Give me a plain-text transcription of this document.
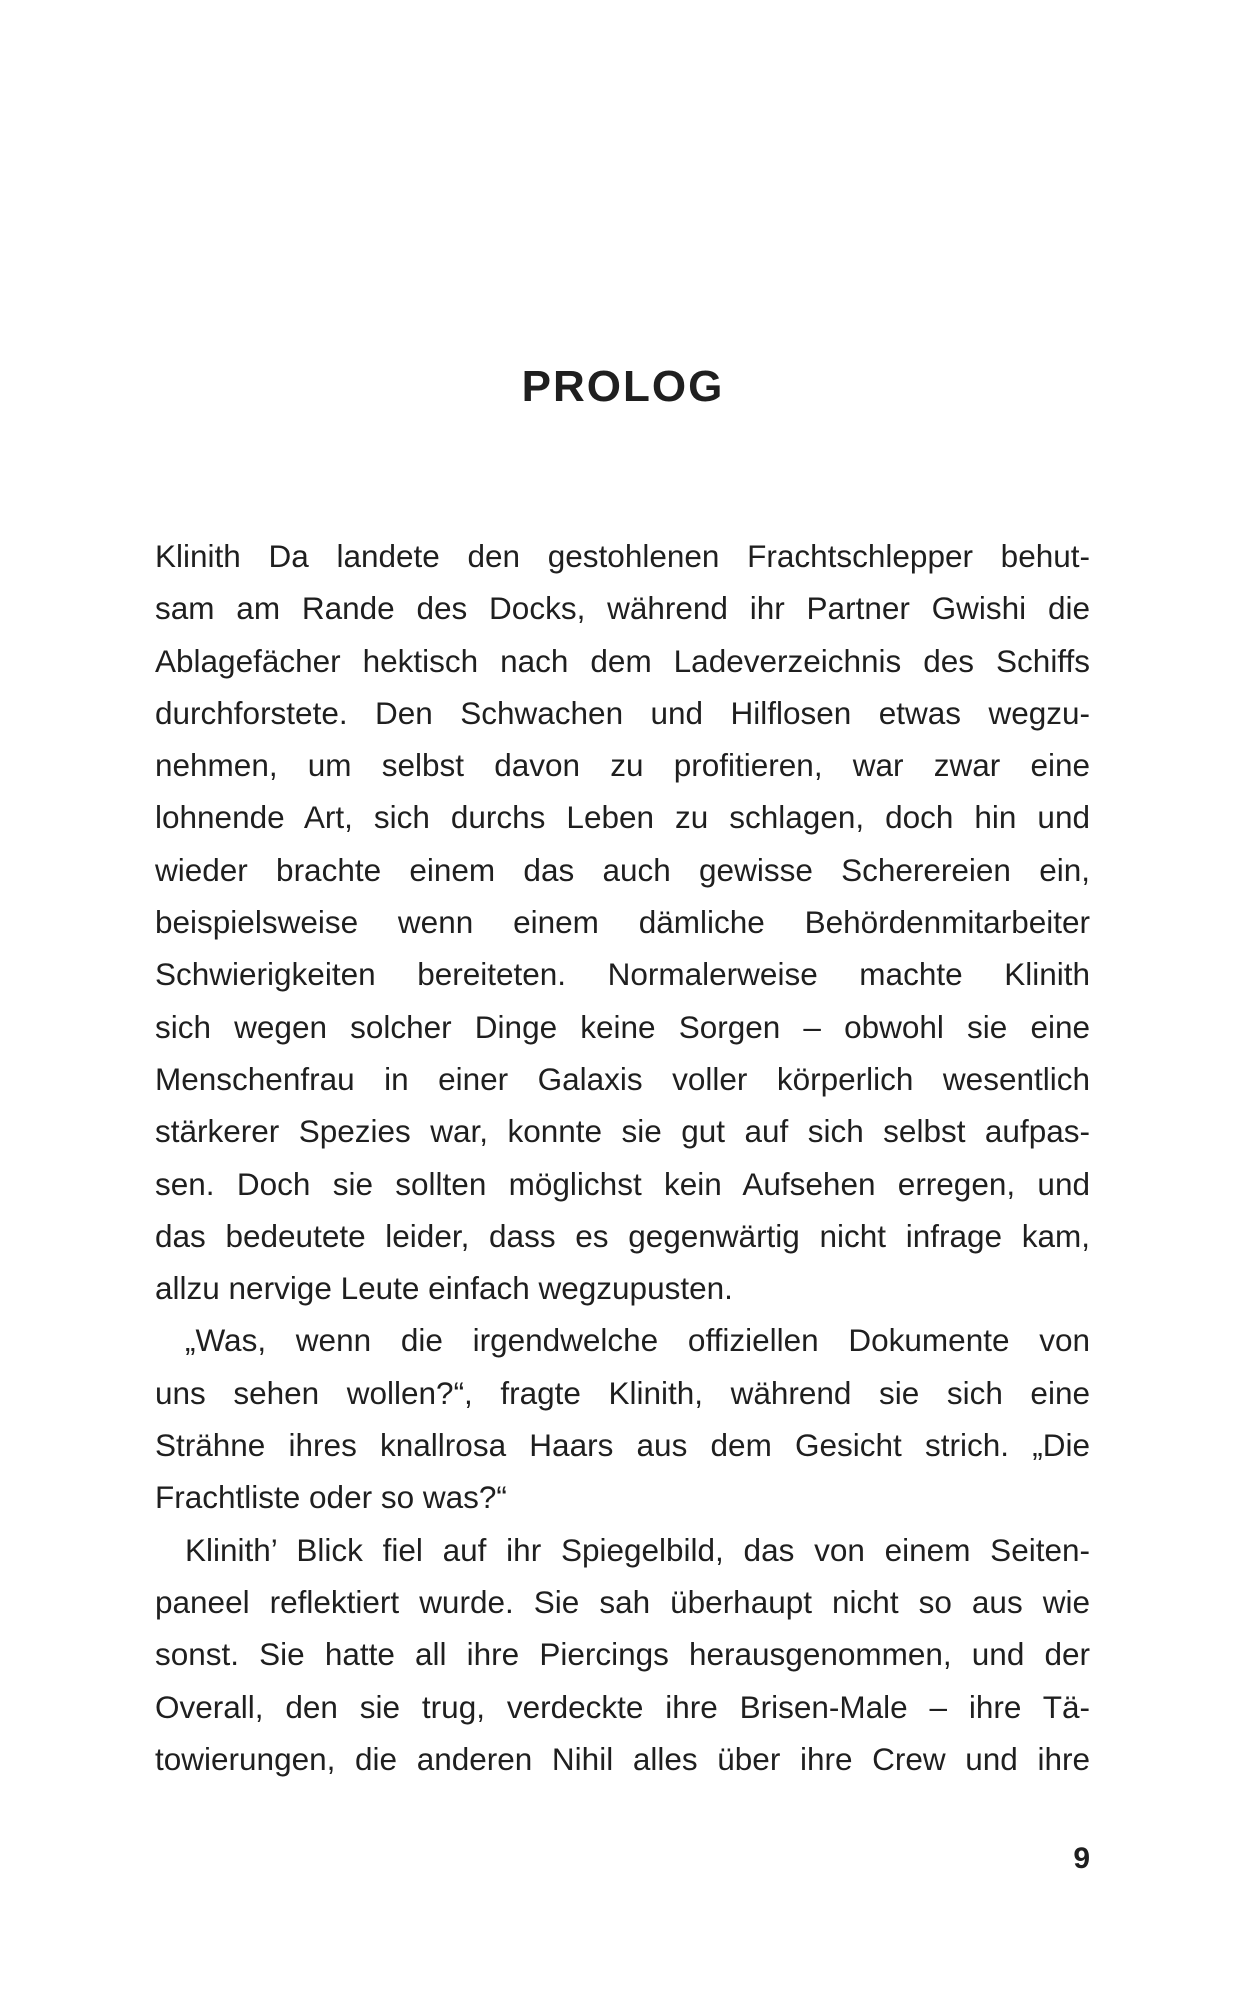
PROLOG
Klinith Da landete den gestohlenen Frachtschlepper behut-
sam am Rande des Docks, während ihr Partner Gwishi die
Ablagefächer hektisch nach dem Ladeverzeichnis des Schiffs
durchforstete. Den Schwachen und Hilflosen etwas wegzu-
nehmen, um selbst davon zu profitieren, war zwar eine
lohnende Art, sich durchs Leben zu schlagen, doch hin und
wieder brachte einem das auch gewisse Scherereien ein,
beispielsweise wenn einem dämliche Behördenmitarbeiter
Schwierigkeiten bereiteten. Normalerweise machte Klinith
sich wegen solcher Dinge keine Sorgen – obwohl sie eine
Menschenfrau in einer Galaxis voller körperlich wesentlich
stärkerer Spezies war, konnte sie gut auf sich selbst aufpas-
sen. Doch sie sollten möglichst kein Aufsehen erregen, und
das bedeutete leider, dass es gegenwärtig nicht infrage kam,
allzu nervige Leute einfach wegzupusten.
„Was, wenn die irgendwelche offiziellen Dokumente von
uns sehen wollen?“, fragte Klinith, während sie sich eine
Strähne ihres knallrosa Haars aus dem Gesicht strich. „Die
Frachtliste oder so was?“
Klinith’ Blick fiel auf ihr Spiegelbild, das von einem Seiten-
paneel reflektiert wurde. Sie sah überhaupt nicht so aus wie
sonst. Sie hatte all ihre Piercings herausgenommen, und der
Overall, den sie trug, verdeckte ihre Brisen-Male – ihre Tä-
towierungen, die anderen Nihil alles über ihre Crew und ihre
9
